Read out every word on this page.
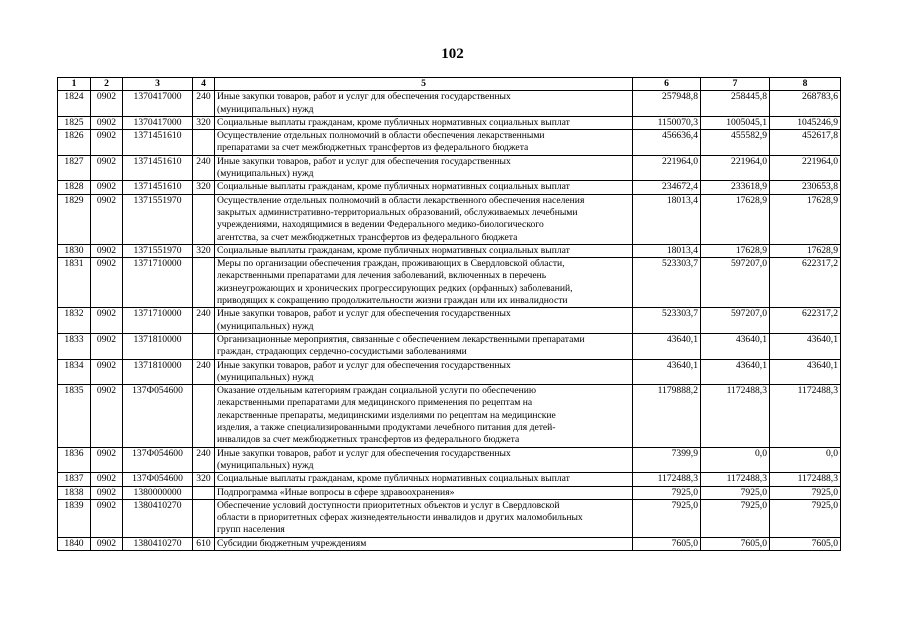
102
1	2	3	4	5	6	7	8
1824	0902	1370417000	240	Иные закупки товаров, работ и услуг для обеспечения государственных
(муниципальных) нужд	257948,8	258445,8	268783,6
1825	0902	1370417000	320	Социальные выплаты гражданам, кроме публичных нормативных социальных выплат	1150070,3	1005045,1	1045246,9
1826	0902	1371451610		Осуществление отдельных полномочий в области обеспечения лекарственными
препаратами за счет межбюджетных трансфертов из федерального бюджета	456636,4	455582,9	452617,8
1827	0902	1371451610	240	Иные закупки товаров, работ и услуг для обеспечения государственных
(муниципальных) нужд	221964,0	221964,0	221964,0
1828	0902	1371451610	320	Социальные выплаты гражданам, кроме публичных нормативных социальных выплат	234672,4	233618,9	230653,8
1829	0902	1371551970		Осуществление отдельных полномочий в области лекарственного обеспечения населения
закрытых административно-территориальных образований, обслуживаемых лечебными
учреждениями, находящимися в ведении Федерального медико-биологического
агентства, за счет межбюджетных трансфертов из федерального бюджета	18013,4	17628,9	17628,9
1830	0902	1371551970	320	Социальные выплаты гражданам, кроме публичных нормативных социальных выплат	18013,4	17628,9	17628,9
1831	0902	1371710000		Меры по организации обеспечения граждан, проживающих в Свердловской области,
лекарственными препаратами для лечения заболеваний, включенных в перечень
жизнеугрожающих и хронических прогрессирующих редких (орфанных) заболеваний,
приводящих к сокращению продолжительности жизни граждан или их инвалидности	523303,7	597207,0	622317,2
1832	0902	1371710000	240	Иные закупки товаров, работ и услуг для обеспечения государственных
(муниципальных) нужд	523303,7	597207,0	622317,2
1833	0902	1371810000		Организационные мероприятия, связанные с обеспечением лекарственными препаратами
граждан, страдающих сердечно-сосудистыми заболеваниями	43640,1	43640,1	43640,1
1834	0902	1371810000	240	Иные закупки товаров, работ и услуг для обеспечения государственных
(муниципальных) нужд	43640,1	43640,1	43640,1
1835	0902	137Ф054600		Оказание отдельным категориям граждан социальной услуги по обеспечению
лекарственными препаратами для медицинского применения по рецептам на
лекарственные препараты, медицинскими изделиями по рецептам на медицинские
изделия, а также специализированными продуктами лечебного питания для детей-
инвалидов за счет межбюджетных трансфертов из федерального бюджета	1179888,2	1172488,3	1172488,3
1836	0902	137Ф054600	240	Иные закупки товаров, работ и услуг для обеспечения государственных
(муниципальных) нужд	7399,9	0,0	0,0
1837	0902	137Ф054600	320	Социальные выплаты гражданам, кроме публичных нормативных социальных выплат	1172488,3	1172488,3	1172488,3
1838	0902	1380000000		Подпрограмма «Иные вопросы в сфере здравоохранения»	7925,0	7925,0	7925,0
1839	0902	1380410270		Обеспечение условий доступности приоритетных объектов и услуг в Свердловской
области в приоритетных сферах жизнедеятельности инвалидов и других маломобильных
групп населения	7925,0	7925,0	7925,0
1840	0902	1380410270	610	Субсидии бюджетным учреждениям	7605,0	7605,0	7605,0
